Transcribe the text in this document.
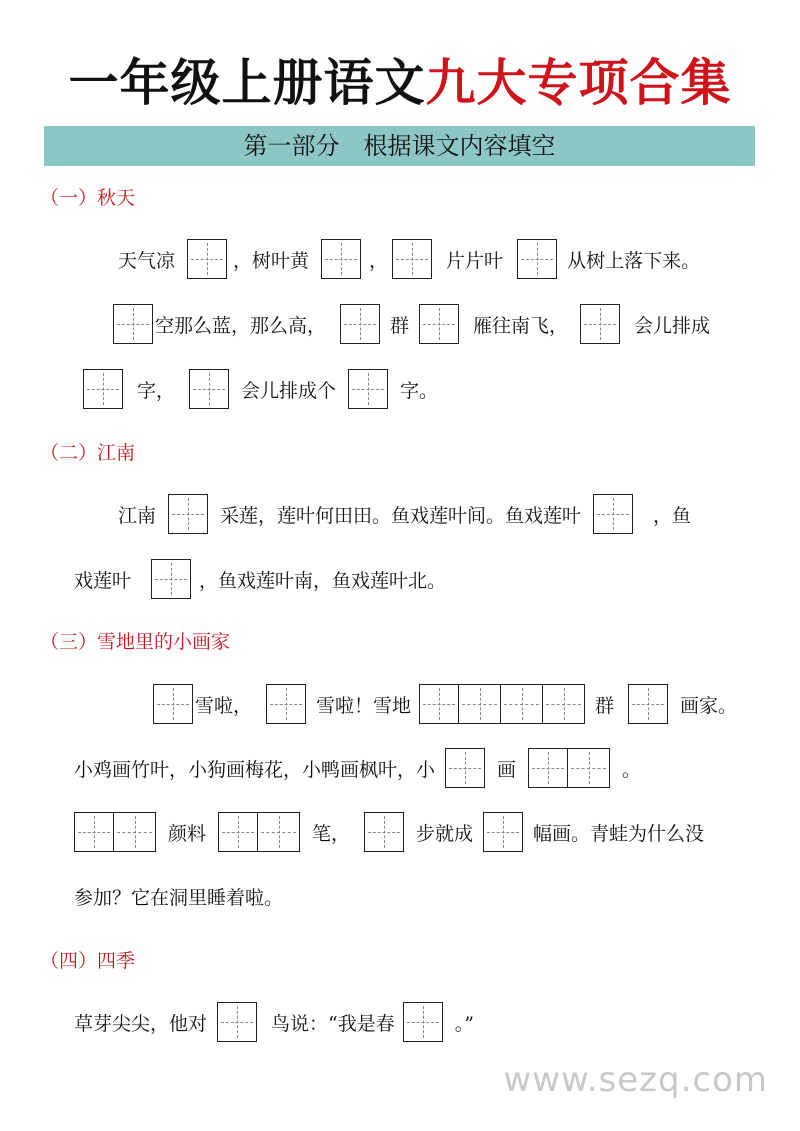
一年级上册语文九大专项合集
第一部分　根据课文内容填空
（一）秋天
天气凉	，树叶黄	，	片片叶	从树上落下来。
空那么蓝，那么高，	群	雁往南飞，	会儿排成
字，	会儿排成个	字。
（二）江南
江南	采莲，莲叶何田田。鱼戏莲叶间。鱼戏莲叶	，鱼
戏莲叶	，鱼戏莲叶南，鱼戏莲叶北。
（三）雪地里的小画家
雪啦，	雪啦！雪地	群	画家。
小鸡画竹叶，小狗画梅花，小鸭画枫叶，小	画	。
颜料	笔，	步就成	幅画。青蛙为什么没
参加？它在洞里睡着啦。
（四）四季
草芽尖尖，他对	鸟说：“我是春	。”
www.sezq.com
